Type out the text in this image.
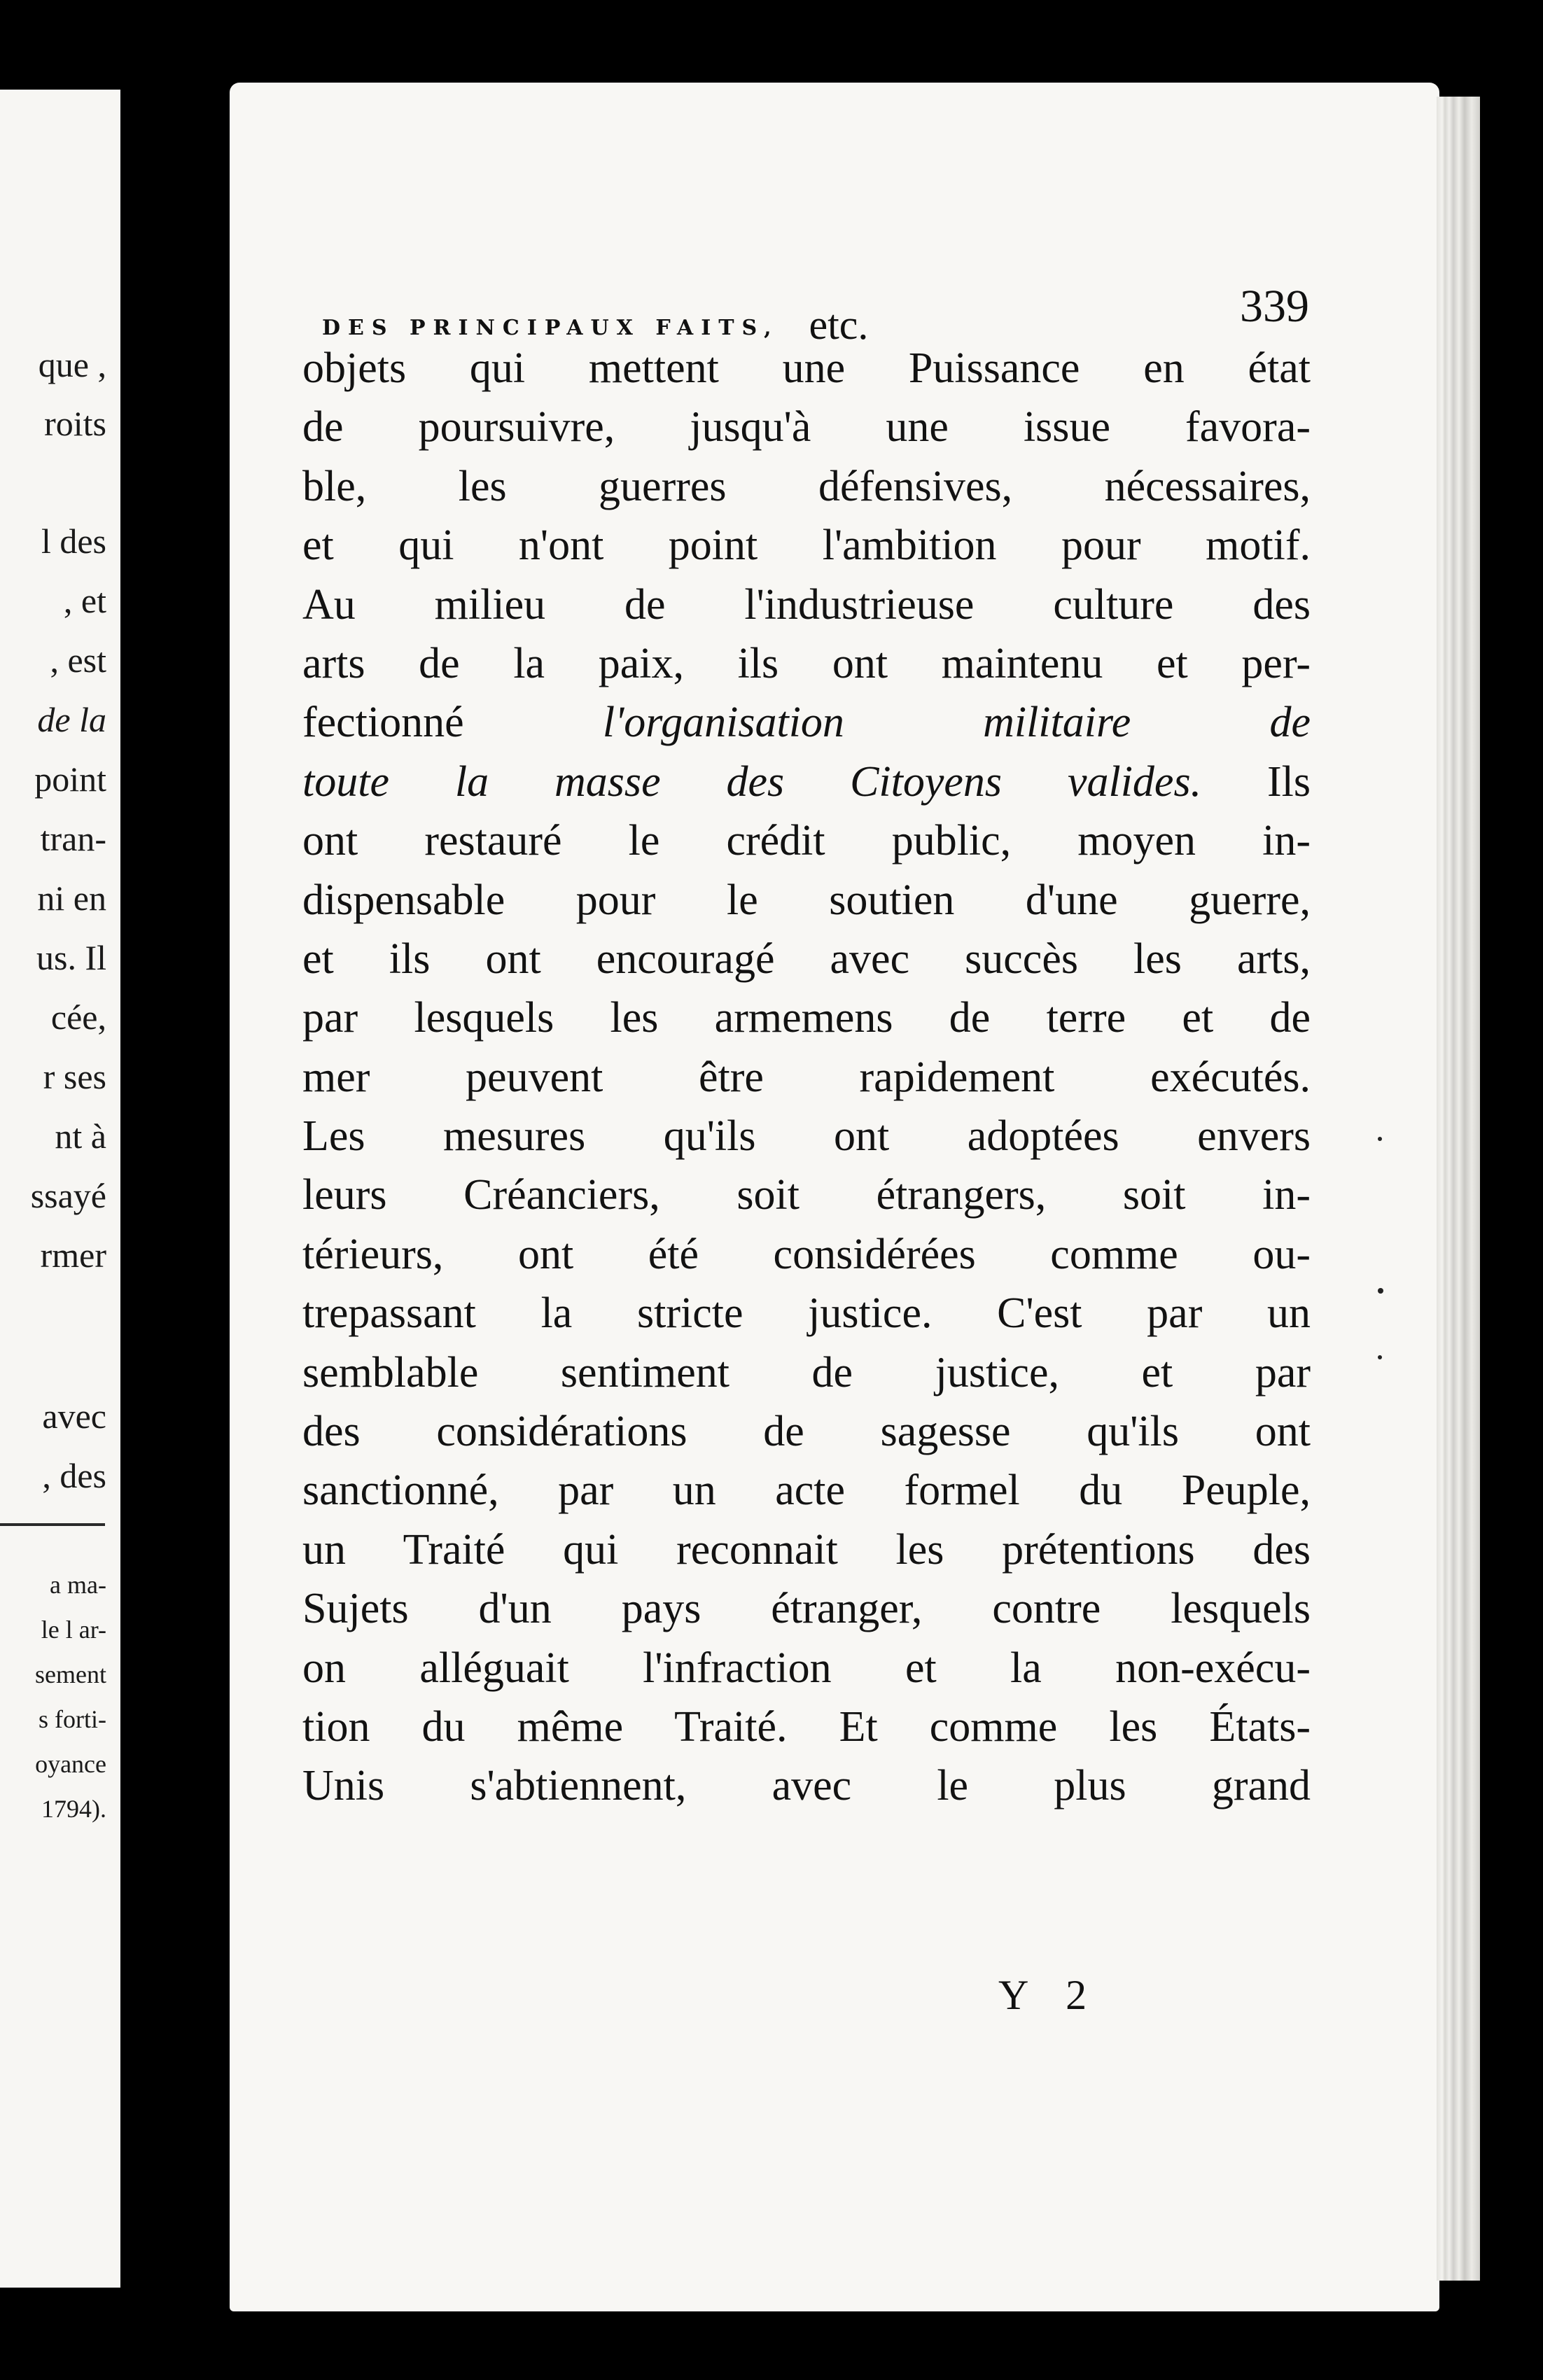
que ,
roits
l des
, et
, est
de la
point
tran-
ni en
us. Il
cée,
r ses
nt à
ssayé
rmer
avec
, des
a ma-
le l ar-
sement
s forti-
oyance
1794).
DES PRINCIPAUX FAITS, etc.	339
objets qui mettent une Puissance en état
de poursuivre, jusqu'à une issue favora-
ble, les guerres défensives, nécessaires,
et qui n'ont point l'ambition pour motif.
Au milieu de l'industrieuse culture des
arts de la paix, ils ont maintenu et per-
fectionné l'organisation militaire de
toute la masse des Citoyens valides. Ils
ont restauré le crédit public, moyen in-
dispensable pour le soutien d'une guerre,
et ils ont encouragé avec succès les arts,
par lesquels les armemens de terre et de
mer peuvent être rapidement exécutés.
Les mesures qu'ils ont adoptées envers
leurs Créanciers, soit étrangers, soit in-
térieurs, ont été considérées comme ou-
trepassant la stricte justice. C'est par un
semblable sentiment de justice, et par
des considérations de sagesse qu'ils ont
sanctionné, par un acte formel du Peuple,
un Traité qui reconnait les prétentions des
Sujets d'un pays étranger, contre lesquels
on alléguait l'infraction et la non-exécu-
tion du même Traité. Et comme les États-
Unis s'abtiennent, avec le plus grand
Y 2
